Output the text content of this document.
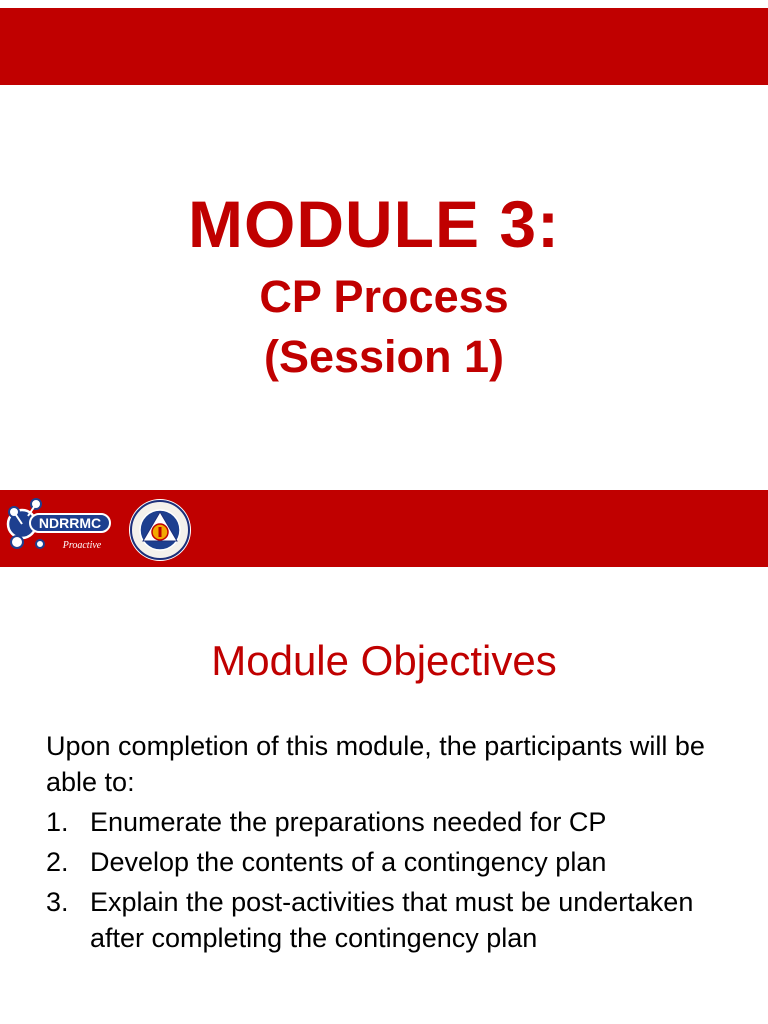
MODULE 3:
CP Process
(Session 1)
NDRRMC
Proactive
Module Objectives

Upon completion of this module, the participants will be able to:

1. Enumerate the preparations needed for CP
2. Develop the contents of a contingency plan
3. Explain the post-activities that must be undertaken after completing the contingency plan
